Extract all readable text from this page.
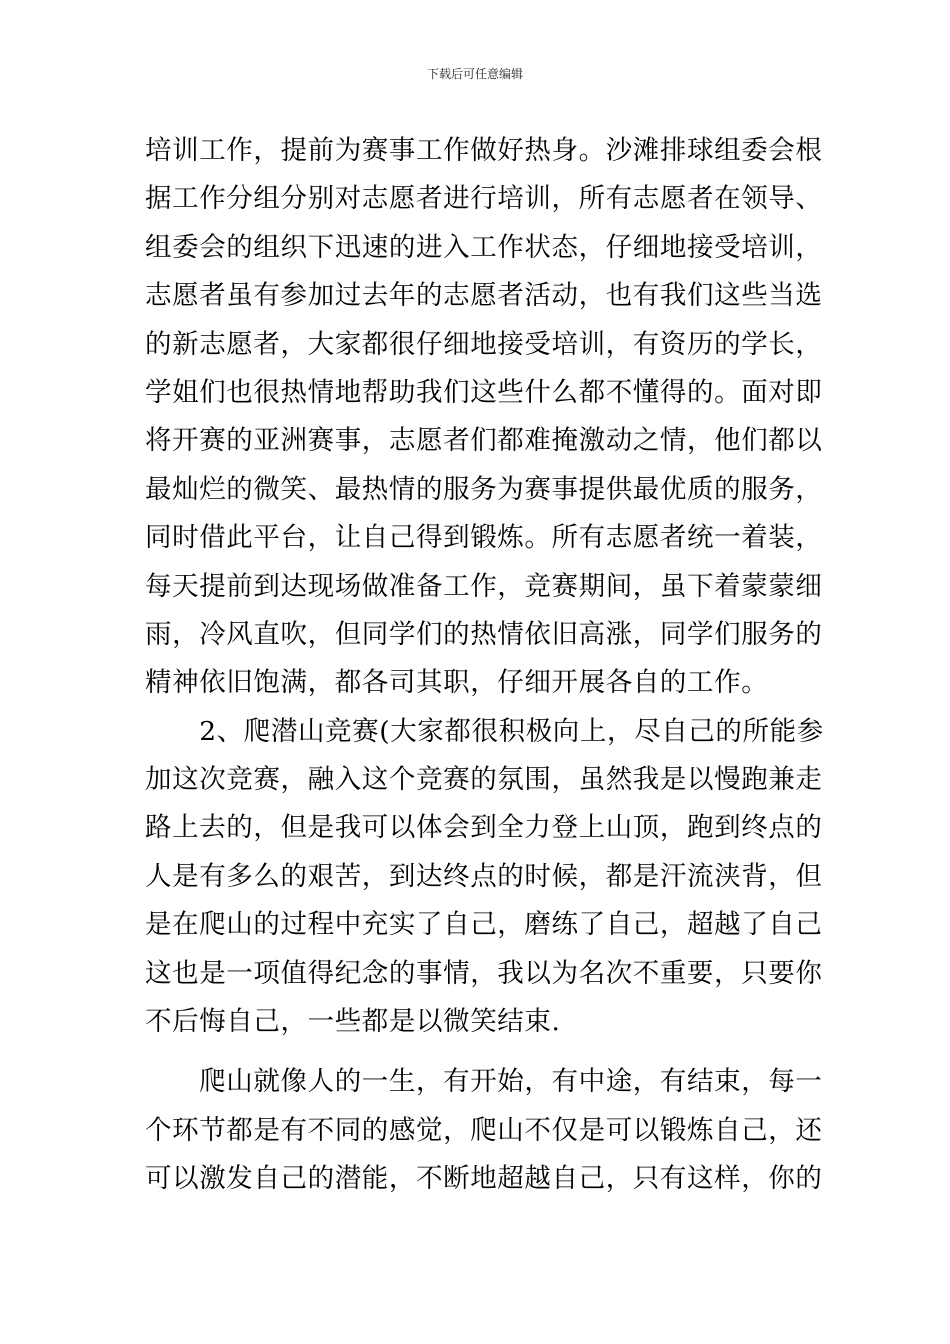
下载后可任意编辑
培训工作，提前为赛事工作做好热身。沙滩排球组委会根
据工作分组分别对志愿者进行培训，所有志愿者在领导、
组委会的组织下迅速的进入工作状态，仔细地接受培训，
志愿者虽有参加过去年的志愿者活动，也有我们这些当选
的新志愿者，大家都很仔细地接受培训，有资历的学长，
学姐们也很热情地帮助我们这些什么都不懂得的。面对即
将开赛的亚洲赛事，志愿者们都难掩激动之情，他们都以
最灿烂的微笑、最热情的服务为赛事提供最优质的服务，
同时借此平台，让自己得到锻炼。所有志愿者统一着装，
每天提前到达现场做准备工作，竞赛期间，虽下着蒙蒙细
雨，冷风直吹，但同学们的热情依旧高涨，同学们服务的
精神依旧饱满，都各司其职，仔细开展各自的工作。
　　2、爬潜山竞赛(大家都很积极向上，尽自己的所能参
加这次竞赛，融入这个竞赛的氛围，虽然我是以慢跑兼走
路上去的，但是我可以体会到全力登上山顶，跑到终点的
人是有多么的艰苦，到达终点的时候，都是汗流浃背，但
是在爬山的过程中充实了自己，磨练了自己，超越了自己
这也是一项值得纪念的事情，我以为名次不重要，只要你
不后悔自己，一些都是以微笑结束.
　　爬山就像人的一生，有开始，有中途，有结束，每一
个环节都是有不同的感觉，爬山不仅是可以锻炼自己，还
可以激发自己的潜能，不断地超越自己，只有这样，你的
